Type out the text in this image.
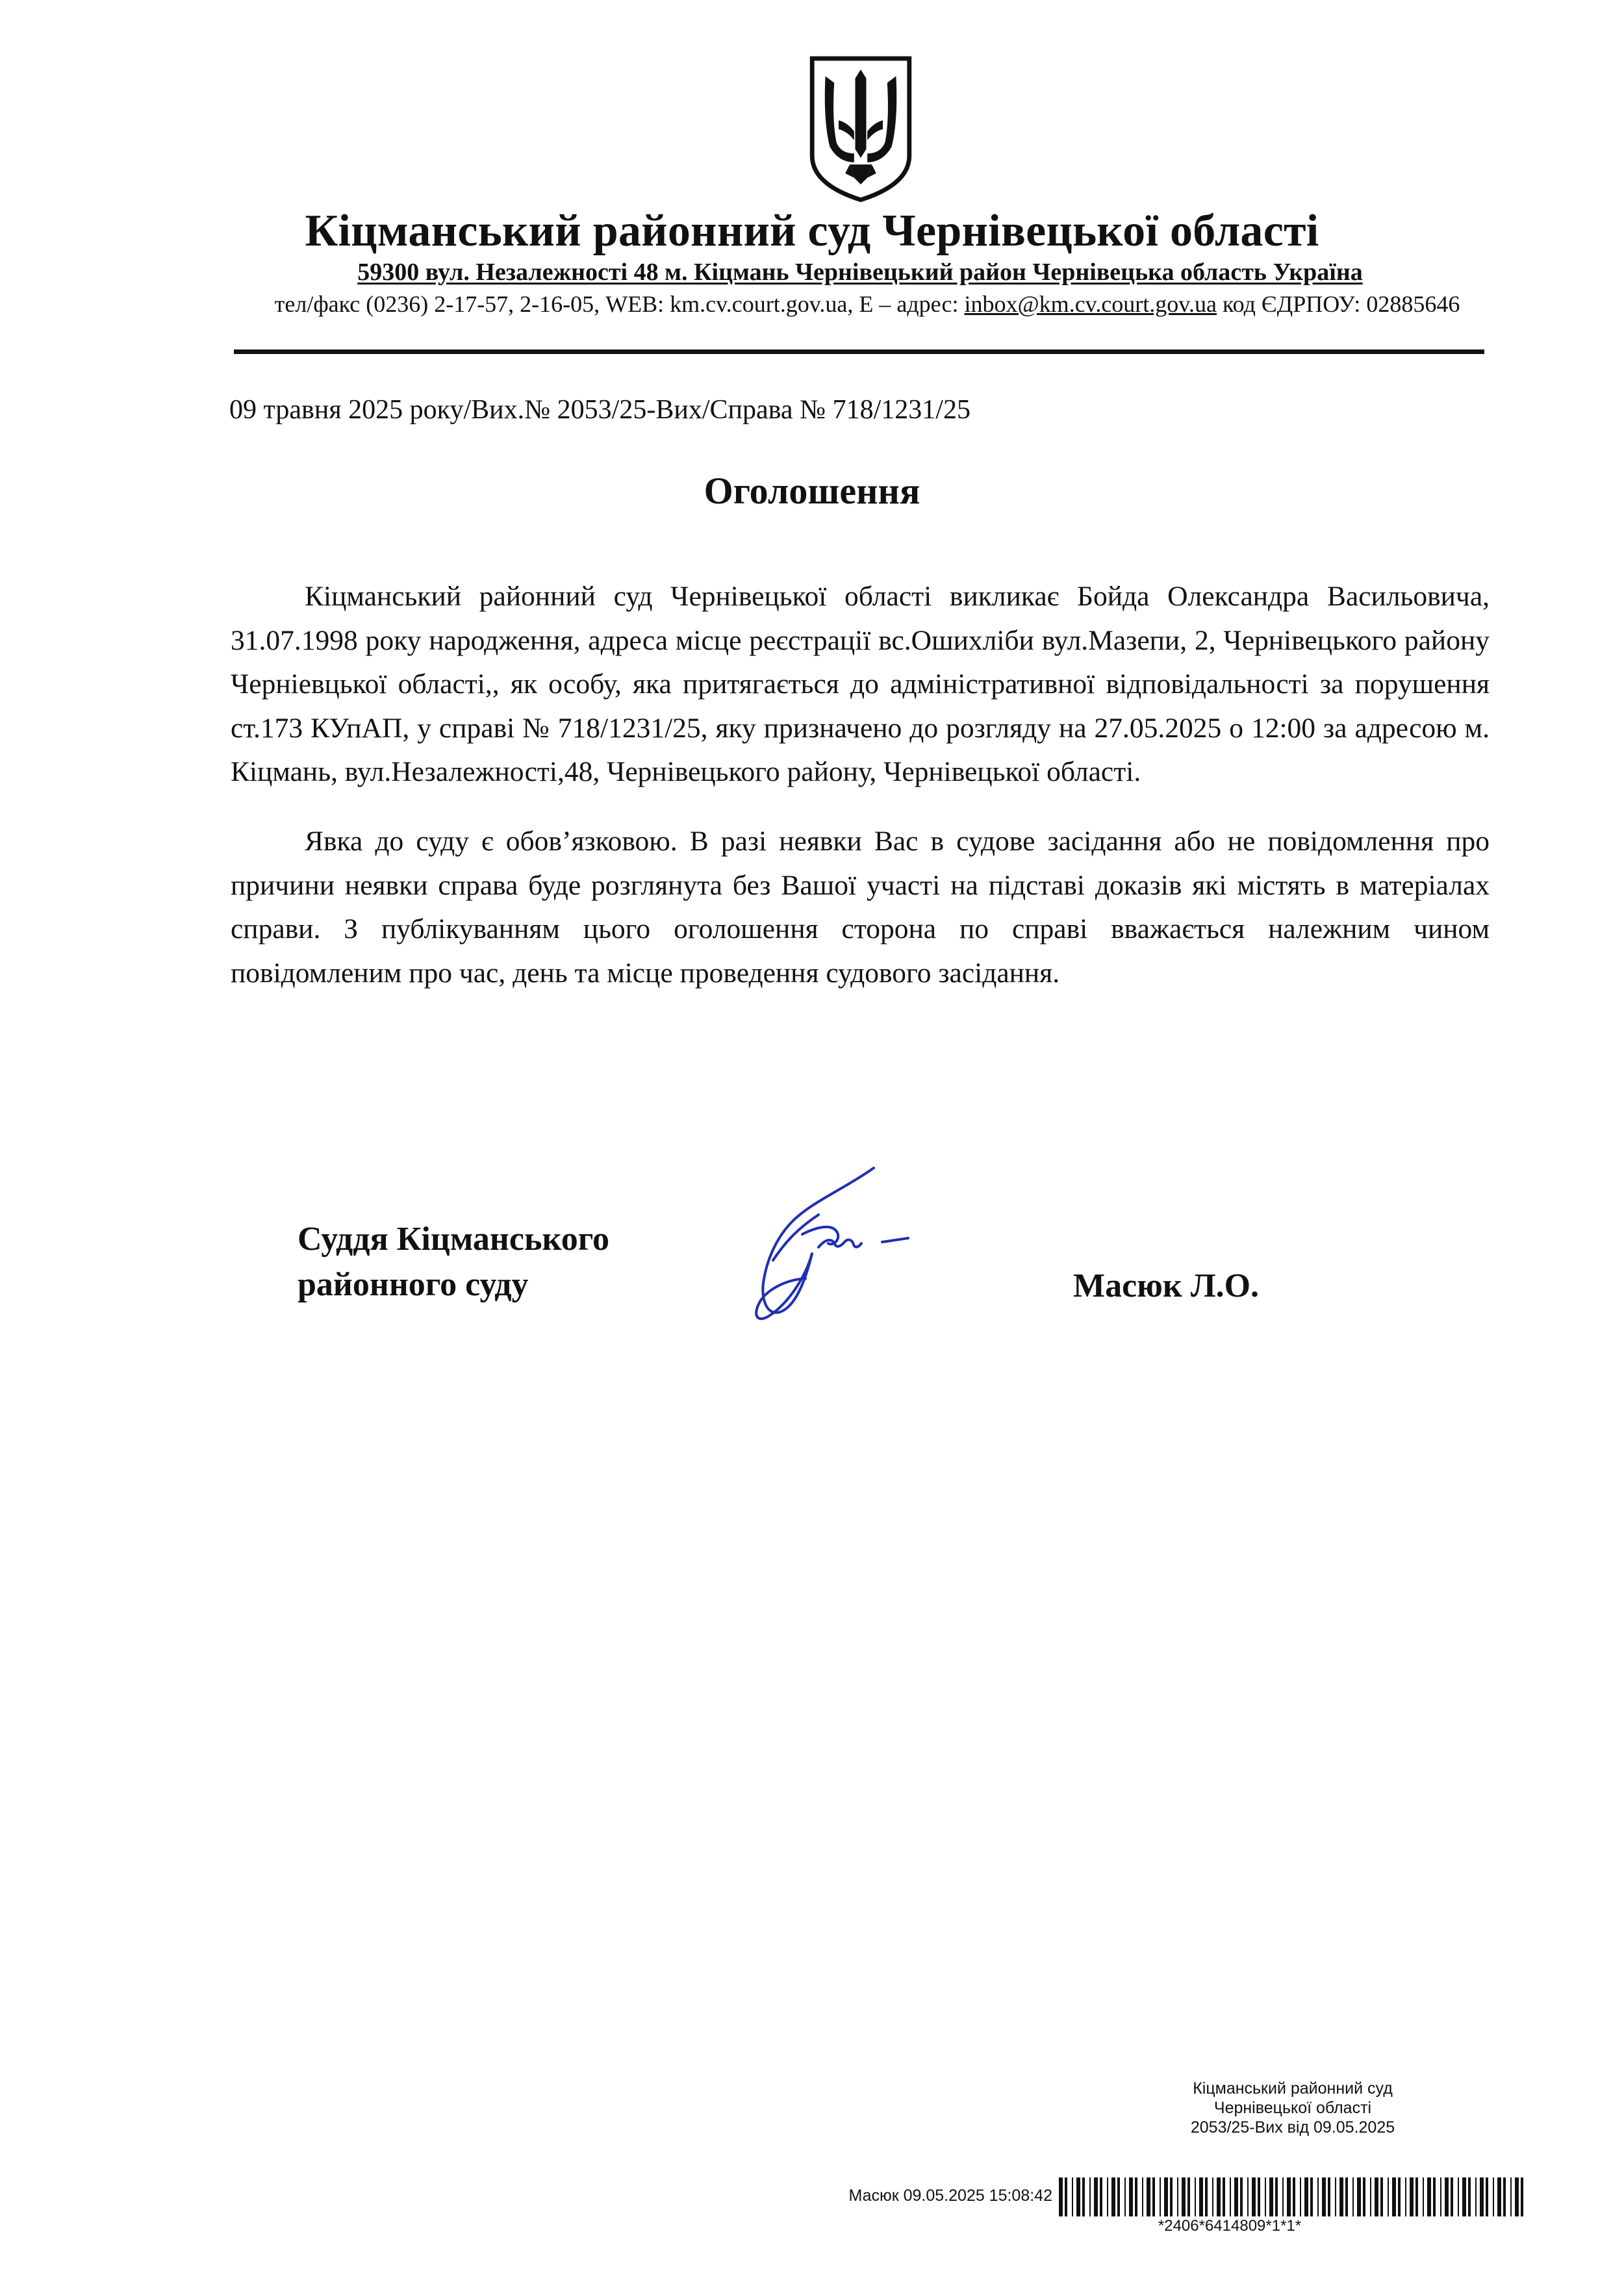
Кіцманський районний суд Чернівецької області
59300 вул. Незалежності 48 м. Кіцмань Чернівецький район Чернівецька область Україна
тел/факс (0236) 2-17-57, 2-16-05, WEB: km.cv.court.gov.ua, E – адрес: inbox@km.cv.court.gov.ua код ЄДРПОУ: 02885646
09 травня 2025 року/Вих.№ 2053/25-Вих/Справа № 718/1231/25
Оголошення

Кіцманський районний суд Чернівецької області викликає Бойда Олександра Васильовича, 31.07.1998 року народження, адреса місце реєстрації вс.Ошихліби вул.Мазепи, 2, Чернівецького району Черніевцької області,, як особу, яка притягається до адміністративної відповідальності за порушення ст.173 КУпАП, у справі № 718/1231/25, яку призначено до розгляду на 27.05.2025 о 12:00 за адресою м. Кіцмань, вул.Незалежності,48, Чернівецького району, Чернівецької області.

Явка до суду є обов’язковою. В разі неявки Вас в судове засідання або не повідомлення про причини неявки справа буде розглянута без Вашої участі на підставі доказів які містять в матеріалах справи. З публікуванням цього оголошення сторона по справі вважається належним чином повідомленим про час, день та місце проведення судового засідання.

Суддя Кіцманського
районного суду	Масюк Л.О.
Кіцманський районний суд
Чернівецької області
2053/25-Вих від 09.05.2025
Масюк 09.05.2025 15:08:42
*2406*6414809*1*1*
